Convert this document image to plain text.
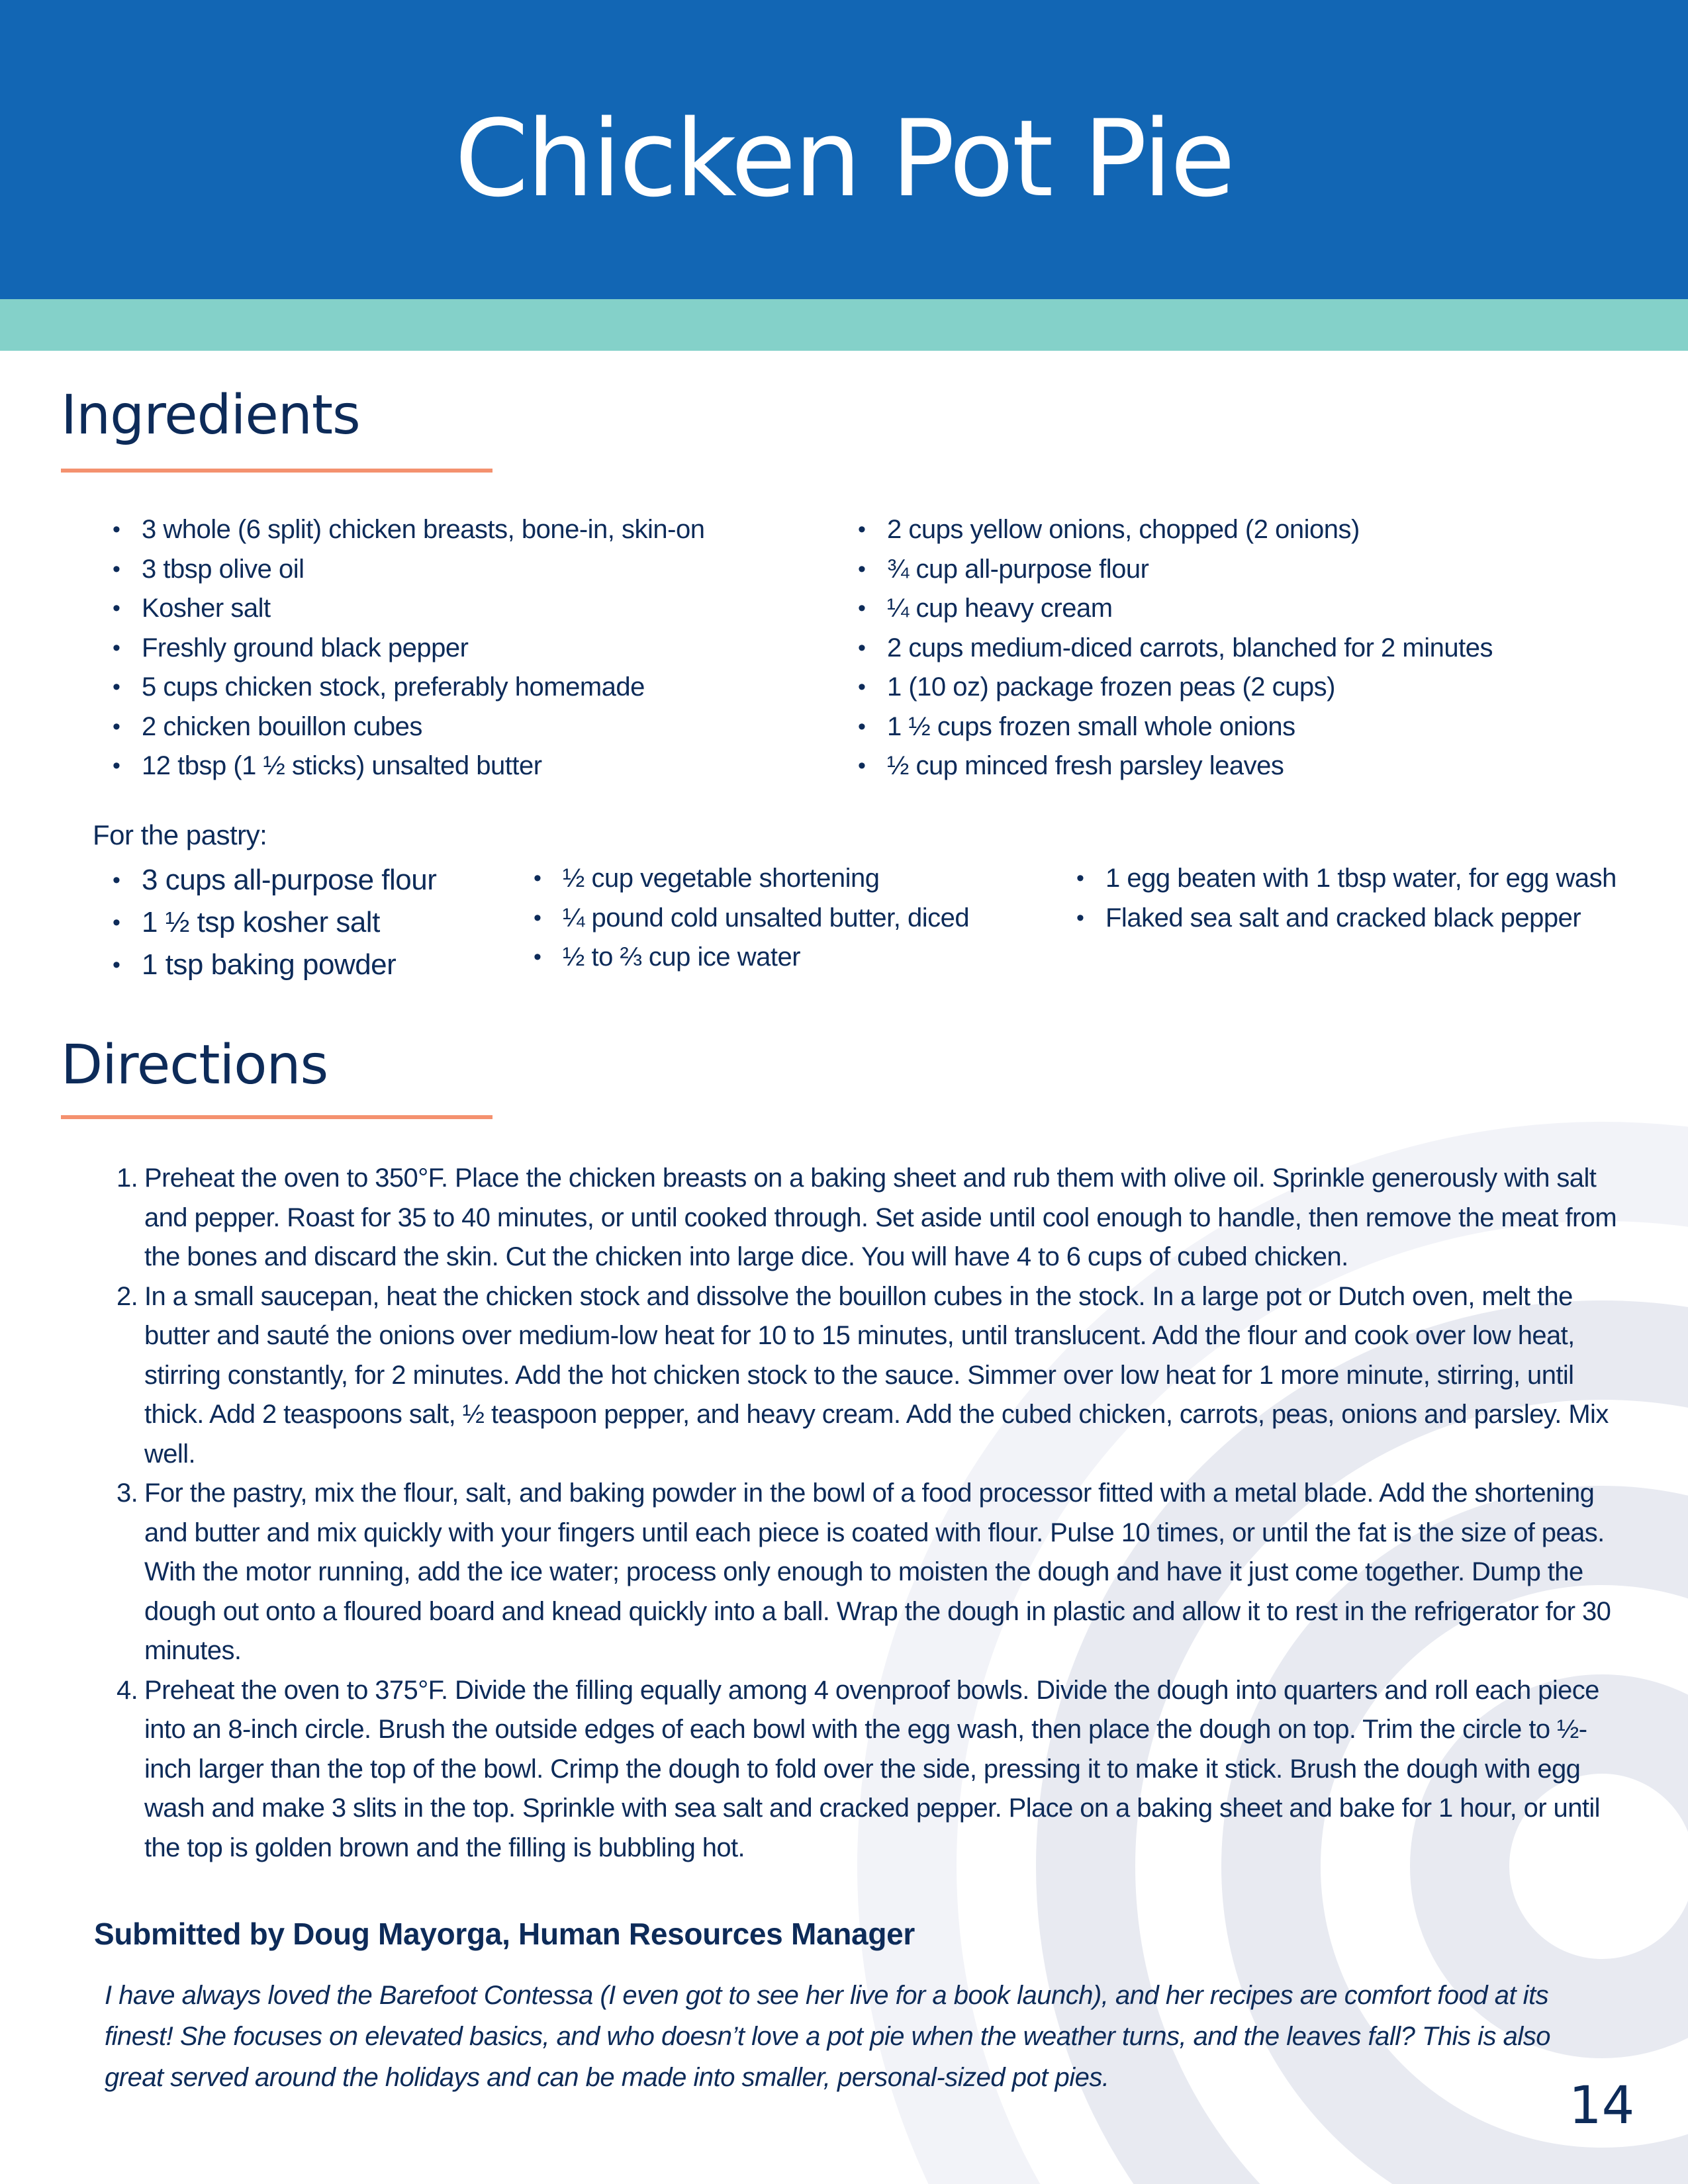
Chicken Pot Pie
Ingredients
• 3 whole (6 split) chicken breasts, bone-in, skin-on
• 3 tbsp olive oil
• Kosher salt
• Freshly ground black pepper
• 5 cups chicken stock, preferably homemade
• 2 chicken bouillon cubes
• 12 tbsp (1 ½ sticks) unsalted butter
• 2 cups yellow onions, chopped (2 onions)
• ¾ cup all-purpose flour
• ¼ cup heavy cream
• 2 cups medium-diced carrots, blanched for 2 minutes
• 1 (10 oz) package frozen peas (2 cups)
• 1 ½ cups frozen small whole onions
• ½ cup minced fresh parsley leaves
For the pastry:
• 3 cups all-purpose flour
• 1 ½ tsp kosher salt
• 1 tsp baking powder
• ½ cup vegetable shortening
• ¼ pound cold unsalted butter, diced
• ½ to ⅔ cup ice water
• 1 egg beaten with 1 tbsp water, for egg wash
• Flaked sea salt and cracked black pepper
Directions
1. Preheat the oven to 350°F. Place the chicken breasts on a baking sheet and rub them with olive oil. Sprinkle generously with salt and pepper. Roast for 35 to 40 minutes, or until cooked through. Set aside until cool enough to handle, then remove the meat from the bones and discard the skin. Cut the chicken into large dice. You will have 4 to 6 cups of cubed chicken.
2. In a small saucepan, heat the chicken stock and dissolve the bouillon cubes in the stock. In a large pot or Dutch oven, melt the butter and sauté the onions over medium-low heat for 10 to 15 minutes, until translucent. Add the flour and cook over low heat, stirring constantly, for 2 minutes. Add the hot chicken stock to the sauce. Simmer over low heat for 1 more minute, stirring, until thick. Add 2 teaspoons salt, ½ teaspoon pepper, and heavy cream. Add the cubed chicken, carrots, peas, onions and parsley. Mix well.
3. For the pastry, mix the flour, salt, and baking powder in the bowl of a food processor fitted with a metal blade. Add the shortening and butter and mix quickly with your fingers until each piece is coated with flour. Pulse 10 times, or until the fat is the size of peas. With the motor running, add the ice water; process only enough to moisten the dough and have it just come together. Dump the dough out onto a floured board and knead quickly into a ball. Wrap the dough in plastic and allow it to rest in the refrigerator for 30 minutes.
4. Preheat the oven to 375°F. Divide the filling equally among 4 ovenproof bowls. Divide the dough into quarters and roll each piece into an 8-inch circle. Brush the outside edges of each bowl with the egg wash, then place the dough on top. Trim the circle to ½-inch larger than the top of the bowl. Crimp the dough to fold over the side, pressing it to make it stick. Brush the dough with egg wash and make 3 slits in the top. Sprinkle with sea salt and cracked pepper. Place on a baking sheet and bake for 1 hour, or until the top is golden brown and the filling is bubbling hot.
Submitted by Doug Mayorga, Human Resources Manager

I have always loved the Barefoot Contessa (I even got to see her live for a book launch), and her recipes are comfort food at its finest! She focuses on elevated basics, and who doesn’t love a pot pie when the weather turns, and the leaves fall? This is also great served around the holidays and can be made into smaller, personal-sized pot pies.	14
